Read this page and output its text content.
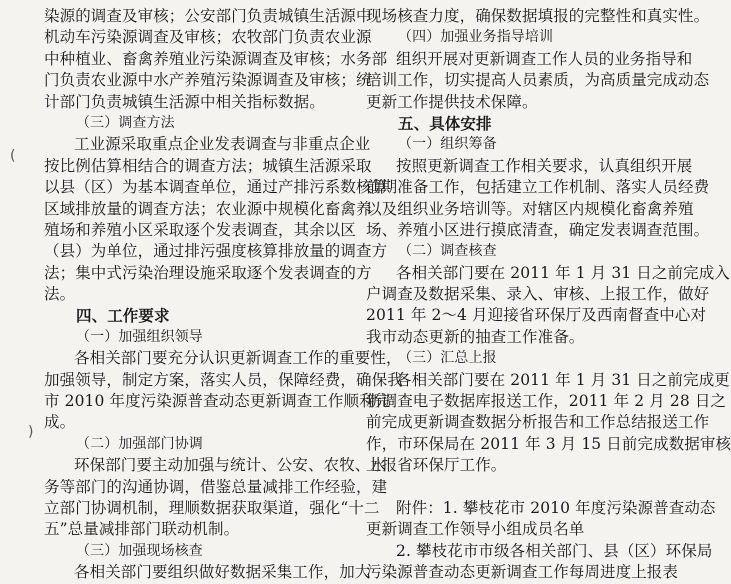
染源的调查及审核；公安部门负责城镇生活源中
机动车污染源调查及审核；农牧部门负责农业源
中种植业、畜禽养殖业污染源调查及审核；水务部
门负责农业源中水产养殖污染源调查及审核；统
计部门负责城镇生活源中相关指标数据。
（三）调查方法
工业源采取重点企业发表调查与非重点企业
按比例估算相结合的调查方法；城镇生活源采取
以县（区）为基本调查单位，通过产排污系数核算
区域排放量的调查方法；农业源中规模化畜禽养
殖场和养殖小区采取逐个发表调查，其余以区
（县）为单位，通过排污强度核算排放量的调查方
法；集中式污染治理设施采取逐个发表调查的方
法。
四、工作要求
（一）加强组织领导
各相关部门要充分认识更新调查工作的重要性，
加强领导，制定方案，落实人员，保障经费，确保我
市 2010 年度污染源普查动态更新调查工作顺利完
成。
（二）加强部门协调
环保部门要主动加强与统计、公安、农牧、水
务等部门的沟通协调，借鉴总量减排工作经验，建
立部门协调机制，理顺数据获取渠道，强化“十二
五”总量减排部门联动机制。
（三）加强现场核查
各相关部门要组织做好数据采集工作，加大
现场核查力度，确保数据填报的完整性和真实性。
（四）加强业务指导培训
组织开展对更新调查工作人员的业务指导和
培训工作，切实提高人员素质，为高质量完成动态
更新工作提供技术保障。
五、具体安排
（一）组织筹备
按照更新调查工作相关要求，认真组织开展
前期准备工作，包括建立工作机制、落实人员经费
以及组织业务培训等。对辖区内规模化畜禽养殖
场、养殖小区进行摸底清查，确定发表调查范围。
（二）调查核查
各相关部门要在 2011 年 1 月 31 日之前完成入
户调查及数据采集、录入、审核、上报工作，做好
2011 年 2～4 月迎接省环保厅及西南督查中心对
我市动态更新的抽查工作准备。
（三）汇总上报
各相关部门要在 2011 年 1 月 31 日之前完成更
新调查电子数据库报送工作，2011 年 2 月 28 日之
前完成更新调查数据分析报告和工作总结报送工作
作，市环保局在 2011 年 3 月 15 日前完成数据审核
上报省环保厅工作。
附件：1. 攀枝花市 2010 年度污染源普查动态
更新调查工作领导小组成员名单
2. 攀枝花市市级各相关部门、县（区）环保局
污染源普查动态更新调查工作每周进度上报表
(
)
